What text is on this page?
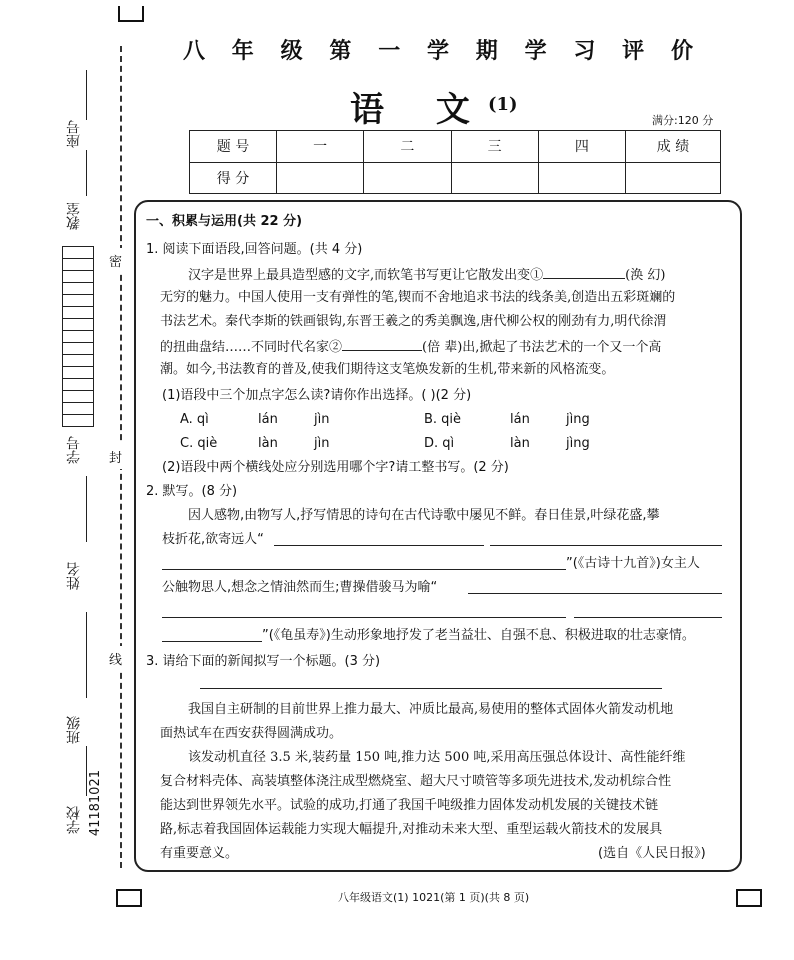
密
封
线
座号
教室
学号
姓名
班级
学校 41181021
八 年 级 第 一 学 期 学 习 评 价
语 文
(1)
满分:120 分
题 号	一	二	三	四	成 绩
得 分					
一、积累与运用(共 22 分)
1. 阅读下面语段,回答问题。(共 4 分)
汉字是世界上最具造型感的文字,而软笔书写更让它散发出变①	(涣 幻)
无穷的魅力。中国人使用一支有弹性的笔,锲而不舍地追求书法的线条美,创造出五彩斑斓的
书法艺术。秦代李斯的铁画银钩,东晋王羲之的秀美飘逸,唐代柳公权的刚劲有力,明代徐渭
的扭曲盘结……不同时代名家②	(倍 辈)出,掀起了书法艺术的一个又一个高
潮。如今,书法教育的普及,使我们期待这支笔焕发新的生机,带来新的风格流变。
(1)语段中三个加点字怎么读?请你作出选择。( )(2 分)
A. qì	lán	jìn	B. qiè	lán	jìng
C. qiè	làn	jìn	D. qì	làn	jìng
(2)语段中两个横线处应分别选用哪个字?请工整书写。(2 分)
2. 默写。(8 分)
因人感物,由物写人,抒写情思的诗句在古代诗歌中屡见不鲜。春日佳景,叶绿花盛,攀
枝折花,欲寄远人“
”(《古诗十九首》)女主人
公触物思人,想念之情油然而生;曹操借骏马为喻“
”(《龟虽寿》)生动形象地抒发了老当益壮、自强不息、积极进取的壮志豪情。
3. 请给下面的新闻拟写一个标题。(3 分)
我国自主研制的目前世界上推力最大、冲质比最高,易使用的整体式固体火箭发动机地
面热试车在西安获得圆满成功。
该发动机直径 3.5 米,装药量 150 吨,推力达 500 吨,采用高压强总体设计、高性能纤维
复合材料壳体、高装填整体浇注成型燃烧室、超大尺寸喷管等多项先进技术,发动机综合性
能达到世界领先水平。试验的成功,打通了我国千吨级推力固体发动机发展的关键技术链
路,标志着我国固体运载能力实现大幅提升,对推动未来大型、重型运载火箭技术的发展具
有重要意义。	(选自《人民日报》)
八年级语文(1) 1021(第 1 页)(共 8 页)
